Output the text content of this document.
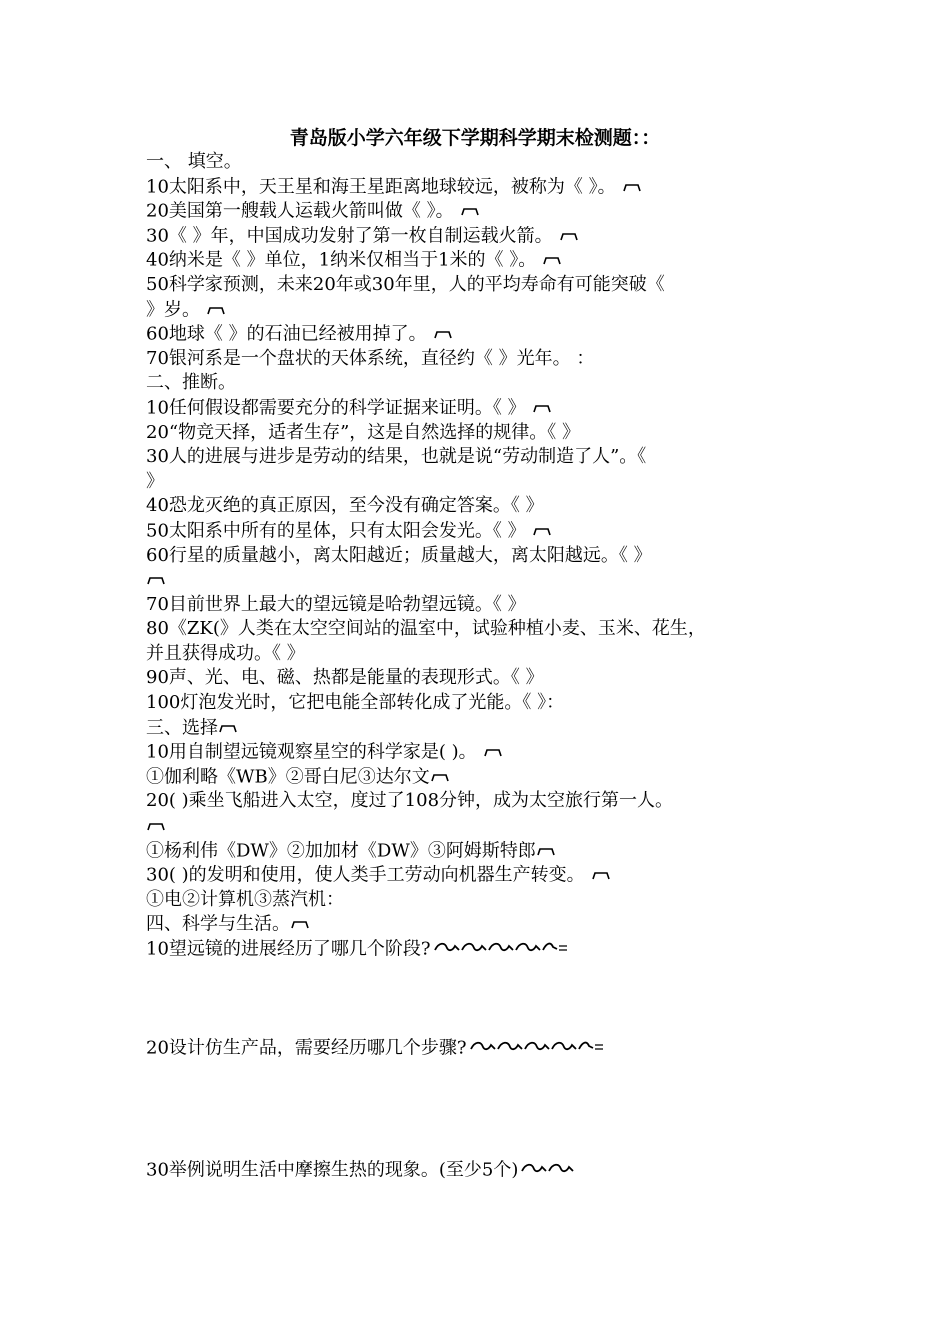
青岛版小学六年级下学期科学期末检测题：：
一、 填空。
10太阳系中，天王星和海王星距离地球较远，被称为《 》。
20美国第一艘载人运载火箭叫做《 》。
30《 》年，中国成功发射了第一枚自制运载火箭。
40纳米是《 》单位，1纳米仅相当于1米的《 》。
50科学家预测，未来20年或30年里，人的平均寿命有可能突破《
》岁。
60地球《 》的石油已经被用掉了。
70银河系是一个盘状的天体系统，直径约《 》光年。 ：
二、推断。
10任何假设都需要充分的科学证据来证明。《 》
20“物竞天择，适者生存”，这是自然选择的规律。《 》
30人的进展与进步是劳动的结果，也就是说“劳动制造了人”。《
》
40恐龙灭绝的真正原因，至今没有确定答案。《 》
50太阳系中所有的星体，只有太阳会发光。《 》
60行星的质量越小，离太阳越近；质量越大，离太阳越远。《 》
70目前世界上最大的望远镜是哈勃望远镜。《 》
80《ZK(》人类在太空空间站的温室中，试验种植小麦、玉米、花生，
并且获得成功。《 》
90声、光、电、磁、热都是能量的表现形式。《 》
100灯泡发光时，它把电能全部转化成了光能。《 》：
三、选择
10用自制望远镜观察星空的科学家是( )。
①伽利略《WB》②哥白尼③达尔文
20( )乘坐飞船进入太空，度过了108分钟，成为太空旅行第一人。
①杨利伟《DW》②加加材《DW》③阿姆斯特郎
30( )的发明和使用，使人类手工劳动向机器生产转变。
①电②计算机③蒸汽机：
四、科学与生活。
10望远镜的进展经历了哪几个阶段?
20设计仿生产品，需要经历哪几个步骤?
30举例说明生活中摩擦生热的现象。(至少5个)
